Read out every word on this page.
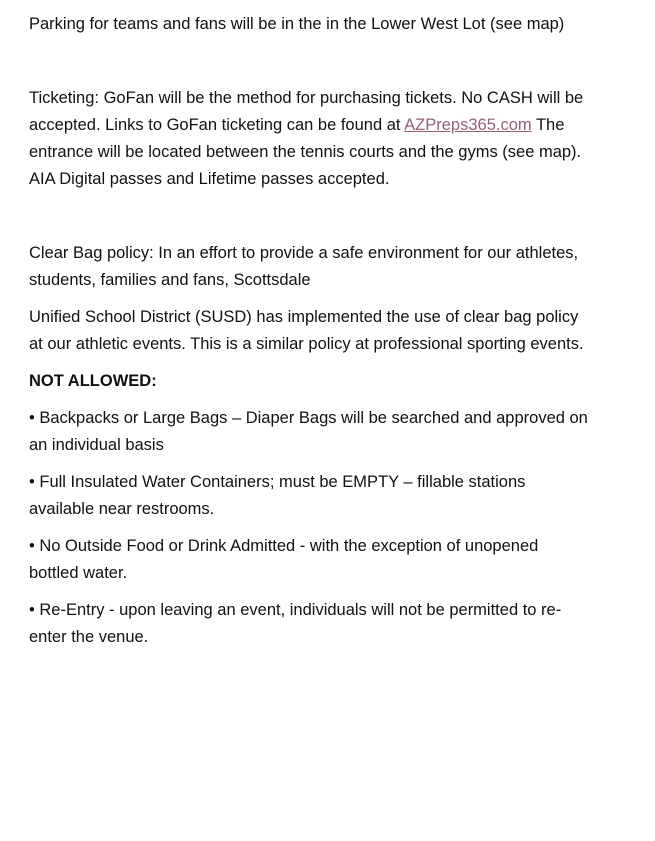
Parking for teams and fans will be in the in the Lower West Lot (see map)

Ticketing: GoFan will be the method for purchasing tickets. No CASH will be accepted. Links to GoFan ticketing can be found at AZPreps365.com The entrance will be located between the tennis courts and the gyms (see map). AIA Digital passes and Lifetime passes accepted.

Clear Bag policy: In an effort to provide a safe environment for our athletes, students, families and fans, Scottsdale

Unified School District (SUSD) has implemented the use of clear bag policy at our athletic events. This is a similar policy at professional sporting events.

NOT ALLOWED:

• Backpacks or Large Bags – Diaper Bags will be searched and approved on an individual basis

• Full Insulated Water Containers; must be EMPTY – fillable stations available near restrooms.

• No Outside Food or Drink Admitted - with the exception of unopened bottled water.

• Re-Entry - upon leaving an event, individuals will not be permitted to re-enter the venue.
